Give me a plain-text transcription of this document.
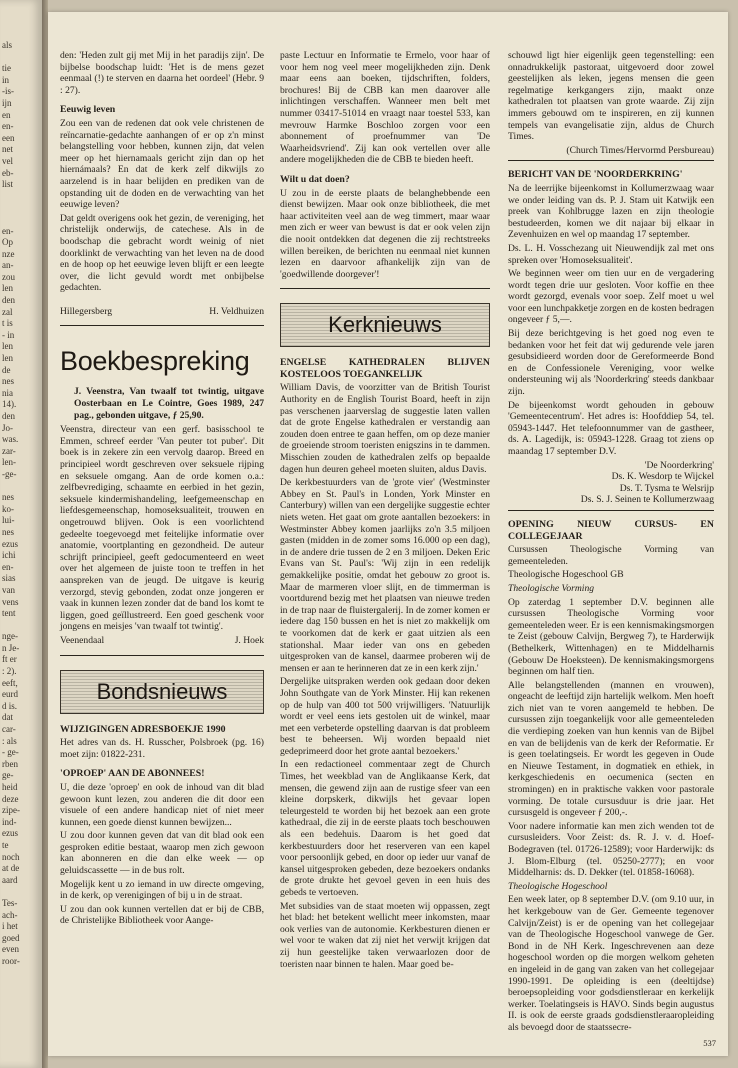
als

tie
in
-is-
ijn
en
en-
een
net
vel
eb-
list

en-
Op
nze
an-
zou
len
den
zal
t is
- in
len
len
de
nes
nia
14).
den
Jo-
was.
zar-
len-
-ge-

nes
ko-
lui-
nes
ezus
ichi
en-
sias
van
vens
tent

nge-
n Je-
ft er
: 2).
eeft,
eurd
d is.
dat
car-
: als
- ge-
rben
ge-
heid
deze
zipe-
ind-
ezus
te
noch
at de
aard

Tes-
ach-
i het
goed
even
roor-

den: 'Heden zult gij met Mij in het paradijs zijn'. De bijbelse boodschap luidt: 'Het is de mens gezet eenmaal (!) te sterven en daarna het oordeel' (Hebr. 9 : 27).

Eeuwig leven

Zou een van de redenen dat ook vele christenen de reïncarnatie-gedachte aanhangen of er op z'n minst belangstelling voor hebben, kunnen zijn, dat velen meer op het hiernamaals gericht zijn dan op het hiernámaals? En dat de kerk zelf dikwijls zo aarzelend is in haar belijden en prediken van de opstanding uit de doden en de verwachting van het eeuwige leven?

Dat geldt overigens ook het gezin, de vereniging, het christelijk onderwijs, de catechese. Als in de boodschap die gebracht wordt weinig of niet doorklinkt de verwachting van het leven na de dood en de hoop op het eeuwige leven blijft er een leegte over, die licht gevuld wordt met onbijbelse gedachten.

Hillegersberg	H. Veldhuizen
Boekbespreking
J. Veenstra, Van twaalf tot twintig, uitgave Oosterbaan en Le Cointre, Goes 1989, 247 pag., gebonden uitgave, ƒ 25,90.

Veenstra, directeur van een gerf. basisschool te Emmen, schreef eerder 'Van peuter tot puber'. Dit boek is in zekere zin een vervolg daarop. Breed en principieel wordt geschreven over seksuele rijping en seksuele omgang. Aan de orde komen o.a.: zelfbevrediging, schaamte en eerbied in het gezin, seksuele kindermishandeling, leefgemeenschap en liefdesgemeenschap, homoseksualiteit, trouwen en ongetrouwd blijven. Ook is een voorlichtend gedeelte toegevoegd met feitelijke informatie over anatomie, voortplanting en gezondheid. De auteur schrijft principieel, geeft gedocumenteerd en weet over het algemeen de juiste toon te treffen in het aanspreken van de jeugd. De uitgave is keurig verzorgd, stevig gebonden, zodat onze jongeren er vaak in kunnen lezen zonder dat de band los komt te liggen, goed geïllustreerd. Een goed geschenk voor jongens en meisjes 'van twaalf tot twintig'.

Veenendaal	J. Hoek
Bondsnieuws
WIJZIGINGEN ADRESBOEKJE 1990

Het adres van ds. H. Russcher, Polsbroek (pg. 16) moet zijn: 01822-231.

'OPROEP' AAN DE ABONNEES!

U, die deze 'oproep' en ook de inhoud van dit blad gewoon kunt lezen, zou anderen die dit door een visuele of een andere handicap niet of niet meer kunnen, een goede dienst kunnen bewijzen...

U zou door kunnen geven dat van dit blad ook een gesproken editie bestaat, waarop men zich gewoon kan abonneren en die dan elke week — op geluidscassette — in de bus rolt.

Mogelijk kent u zo iemand in uw directe omgeving, in de kerk, op verenigingen of bij u in de straat.

U zou dan ook kunnen vertellen dat er bij de CBB, de Christelijke Bibliotheek voor Aange-

paste Lectuur en Informatie te Ermelo, voor haar of voor hem nog veel meer mogelijkheden zijn. Denk maar eens aan boeken, tijdschriften, folders, brochures! Bij de CBB kan men daarover alle inlichtingen verschaffen. Wanneer men belt met nummer 03417-51014 en vraagt naar toestel 533, kan mevrouw Harmke Boschloo zorgen voor een abonnement of proefnummer van 'De Waarheidsvriend'. Zij kan ook vertellen over alle andere mogelijkheden die de CBB te bieden heeft.

Wilt u dat doen?

U zou in de eerste plaats de belanghebbende een dienst bewijzen. Maar ook onze bibliotheek, die met haar activiteiten veel aan de weg timmert, maar waar men zich er weer van bewust is dat er ook velen zijn die nooit ontdekken dat degenen die zij rechtstreeks willen bereiken, de berichten nu eenmaal niet kunnen lezen en daarvoor afhankelijk zijn van de 'goedwillende doorgever'!

Kerknieuws
ENGELSE KATHEDRALEN BLIJVEN KOSTELOOS TOEGANKELIJK

William Davis, de voorzitter van de British Tourist Authority en de English Tourist Board, heeft in zijn pas verschenen jaarverslag de suggestie laten vallen dat de grote Engelse kathedralen er verstandig aan zouden doen entree te gaan heffen, om op deze manier de groeiende stroom toeristen enigszins in te dammen. Misschien zouden de kathedralen zelfs op bepaalde dagen hun deuren geheel moeten sluiten, aldus Davis.

De kerkbestuurders van de 'grote vier' (Westminster Abbey en St. Paul's in Londen, York Minster en Canterbury) willen van een dergelijke suggestie echter niets weten. Het gaat om grote aantallen bezoekers: in Westminster Abbey komen jaarlijks zo'n 3.5 miljoen gasten (midden in de zomer soms 16.000 op een dag), in de andere drie tussen de 2 en 3 miljoen. Deken Eric Evans van St. Paul's: 'Wij zijn in een redelijk gemakkelijke positie, omdat het gebouw zo groot is. Maar de marmeren vloer slijt, en de timmerman is voortdurend bezig met het plaatsen van nieuwe treden in de trap naar de fluistergalerij. In de zomer komen er iedere dag 150 bussen en het is niet zo makkelijk om te voorkomen dat de kerk er gaat uitzien als een stationshal. Maar ieder van ons en gebeden uitgesproken van de kansel, daarmee proberen wij de mensen er aan te herinneren dat ze in een kerk zijn.'

Dergelijke uitspraken werden ook gedaan door deken John Southgate van de York Minster. Hij kan rekenen op de hulp van 400 tot 500 vrijwilligers. 'Natuurlijk wordt er veel eens iets gestolen uit de winkel, maar met een verbeterde opstelling daarvan is dat probleem best te beheersen. Wij worden bepaald niet gedeprimeerd door het grote aantal bezoekers.'

In een redactioneel commentaar zegt de Church Times, het weekblad van de Anglikaanse Kerk, dat mensen, die gewend zijn aan de rustige sfeer van een kleine dorpskerk, dikwijls het gevaar lopen teleurgesteld te worden bij het bezoek aan een grote kathedraal, die zij in de eerste plaats toch beschouwen als een bedehuis. Daarom is het goed dat kerkbestuurders door het reserveren van een kapel voor persoonlijk gebed, en door op ieder uur vanaf de kansel uitgesproken gebeden, deze bezoekers ondanks de grote drukte het gevoel geven in een huis des gebeds te vertoeven.

Met subsidies van de staat moeten wij oppassen, zegt het blad: het betekent wellicht meer inkomsten, maar ook verlies van de autonomie. Kerkbesturen dienen er wel voor te waken dat zij niet het verwijt krijgen dat zij hun geestelijke taken verwaarlozen door de toeristen naar binnen te halen. Maar goed be-

schouwd ligt hier eigenlijk geen tegenstelling: een onnadrukkelijk pastoraat, uitgevoerd door zowel geestelijken als leken, jegens mensen die geen regelmatige kerkgangers zijn, maakt onze kathedralen tot plaatsen van grote waarde. Zij zijn immers gebouwd om te inspireren, en zij kunnen tempels van evangelisatie zijn, aldus de Church Times.

(Church Times/Hervormd Persbureau)

BERICHT VAN DE 'NOORDERKRING'

Na de leerrijke bijeenkomst in Kollumerzwaag waar we onder leiding van ds. P. J. Stam uit Katwijk een preek van Kohlbrugge lazen en zijn theologie bestudeerden, komen we dit najaar bij elkaar in Zevenhuizen en wel op maandag 17 september.

Ds. L. H. Vosschezang uit Nieuwendijk zal met ons spreken over 'Homoseksualiteit'.

We beginnen weer om tien uur en de vergadering wordt tegen drie uur gesloten. Voor koffie en thee wordt gezorgd, evenals voor soep. Zelf moet u wel voor een lunchpakketje zorgen en de kosten bedragen ongeveer ƒ 5,—.

Bij deze berichtgeving is het goed nog even te bedanken voor het feit dat wij gedurende vele jaren gesubsidieerd worden door de Gereformeerde Bond en de Confessionele Vereniging, voor welke ondersteuning wij als 'Noorderkring' steeds dankbaar zijn.

De bijeenkomst wordt gehouden in gebouw 'Gemeentecentrum'. Het adres is: Hoofddiep 54, tel. 05943-1447. Het telefoonnummer van de gastheer, ds. A. Lagedijk, is: 05943-1228. Graag tot ziens op maandag 17 september D.V.

'De Noorderkring'
Ds. K. Wesdorp te Wijckel
Ds. T. Tysma te Welsrijp
Ds. S. J. Seinen te Kollumerzwaag
OPENING NIEUW CURSUS- EN COLLEGEJAAR

Cursussen Theologische Vorming van gemeenteleden.

Theologische Hogeschool GB

Theologische Vorming

Op zaterdag 1 september D.V. beginnen alle cursussen Theologische Vorming voor gemeenteleden weer. Er is een kennismakingsmorgen te Zeist (gebouw Calvijn, Bergweg 7), te Harderwijk (Bethelkerk, Wittenhagen) en te Middelharnis (Gebouw De Hoeksteen). De kennismakingsmorgens beginnen om half tien.

Alle belangstellenden (mannen en vrouwen), ongeacht de leeftijd zijn hartelijk welkom. Men hoeft zich niet van te voren aangemeld te hebben. De cursussen zijn toegankelijk voor alle gemeenteleden die verdieping zoeken van hun kennis van de Bijbel en van de belijdenis van de kerk der Reformatie. Er is geen toelatingseis. Er wordt les gegeven in Oude en Nieuwe Testament, in dogmatiek en ethiek, in kerkgeschiedenis en oecumenica (secten en stromingen) en in praktische vakken voor pastorale vorming. De totale cursusduur is drie jaar. Het cursusgeld is ongeveer ƒ 200,-.

Voor nadere informatie kan men zich wenden tot de cursusleiders. Voor Zeist: ds. R. J. v. d. Hoef-Bodegraven (tel. 01726-12589); voor Harderwijk: ds J. Blom-Elburg (tel. 05250-2777); en voor Middelharnis: ds. D. Dekker (tel. 01858-16068).

Theologische Hogeschool

Een week later, op 8 september D.V. (om 9.10 uur, in het kerkgebouw van de Ger. Gemeente tegenover Calvijn/Zeist) is er de opening van het collegejaar van de Theologische Hogeschool vanwege de Ger. Bond in de NH Kerk. Ingeschrevenen aan deze hogeschool worden op die morgen welkom geheten en ingeleid in de gang van zaken van het collegejaar 1990-1991. De opleiding is een (deeltijdse) beroepsopleiding voor godsdienstleraar en kerkelijk werker. Toelatingseis is HAVO. Sinds begin augustus II. is ook de eerste graads godsdienstleraaropleiding als bevoegd door de staatssecre-

537
